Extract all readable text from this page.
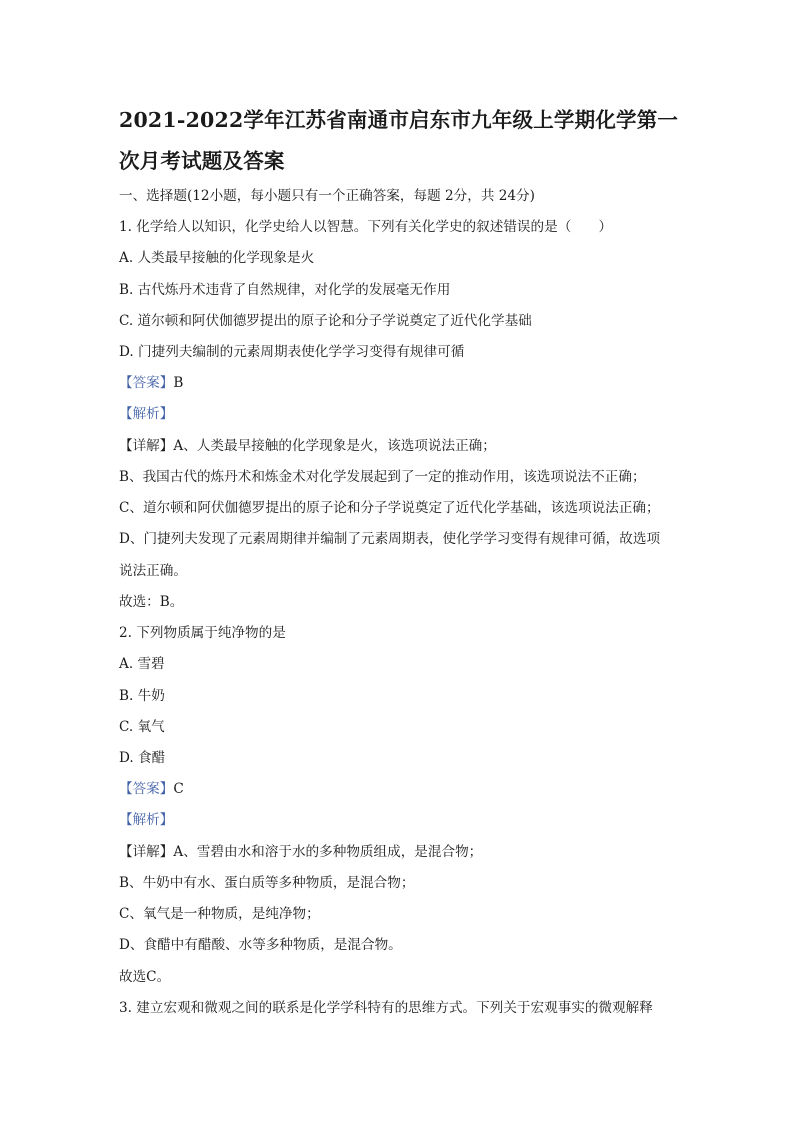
2021-2022学年江苏省南通市启东市九年级上学期化学第一
次月考试题及答案
一、选择题(12小题，每小题只有一个正确答案，每题 2分，共 24分)
1. 化学给人以知识，化学史给人以智慧。下列有关化学史的叙述错误的是（　　）
A. 人类最早接触的化学现象是火
B. 古代炼丹术违背了自然规律，对化学的发展毫无作用
C. 道尔顿和阿伏伽德罗提出的原子论和分子学说奠定了近代化学基础
D. 门捷列夫编制的元素周期表使化学学习变得有规律可循
【答案】B
【解析】
【详解】A、人类最早接触的化学现象是火，该选项说法正确；
B、我国古代的炼丹术和炼金术对化学发展起到了一定的推动作用，该选项说法不正确；
C、道尔顿和阿伏伽德罗提出的原子论和分子学说奠定了近代化学基础，该选项说法正确；
D、门捷列夫发现了元素周期律并编制了元素周期表，使化学学习变得有规律可循，故选项
说法正确。
故选：B。
2. 下列物质属于纯净物的是
A. 雪碧
B. 牛奶
C. 氧气
D. 食醋
【答案】C
【解析】
【详解】A、雪碧由水和溶于水的多种物质组成，是混合物；
B、牛奶中有水、蛋白质等多种物质，是混合物；
C、氧气是一种物质，是纯净物；
D、食醋中有醋酸、水等多种物质，是混合物。
故选C。
3. 建立宏观和微观之间的联系是化学学科特有的思维方式。下列关于宏观事实的微观解释
